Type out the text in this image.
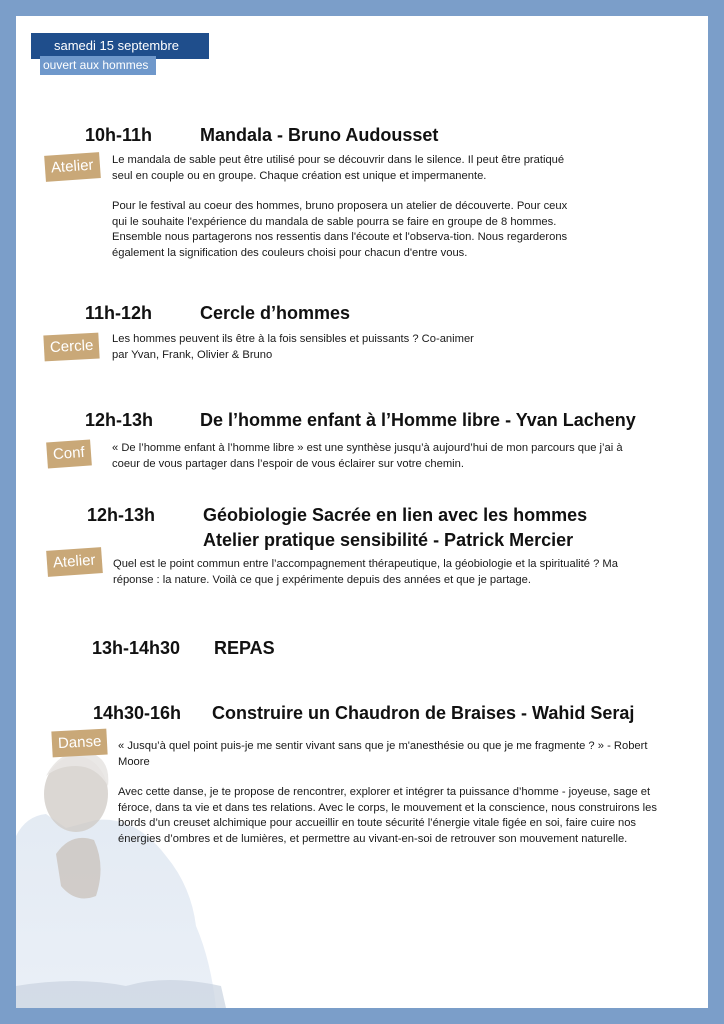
samedi 15 septembre
ouvert aux hommes
10h-11h	Mandala - Bruno Audousset
Atelier	Le mandala de sable peut être utilisé pour se découvrir dans le silence. Il peut être pratiqué seul en couple ou en groupe. Chaque création est unique et impermanente.

Pour le festival au coeur des hommes, bruno proposera un atelier de découverte. Pour ceux qui le souhaite l'expérience du mandala de sable pourra se faire en groupe de 8 hommes. Ensemble nous partagerons nos ressentis dans l'écoute et l'observa-tion. Nous regarderons également la signification des couleurs choisi pour chacun d'entre vous.

11h-12h	Cercle d’hommes
Cercle	Les hommes peuvent ils être à la fois sensibles et puissants ? Co-animer par Yvan, Frank, Olivier & Bruno

12h-13h	De l’homme enfant à l’Homme libre - Yvan Lacheny
Conf	« De l’homme enfant à l’homme libre » est une synthèse jusqu’à aujourd’hui de mon parcours que j’ai à coeur de vous partager dans l’espoir de vous éclairer sur votre chemin.

12h-13h	Géobiologie Sacrée en lien avec les hommes
Atelier pratique sensibilité - Patrick Mercier
Atelier	Quel est le point commun entre l’accompagnement thérapeutique, la géobiologie et la spiritualité ? Ma réponse : la nature. Voilà ce que j expérimente depuis des années et que je partage.

13h-14h30 REPAS
14h30-16h Construire un Chaudron de Braises - Wahid Seraj
Danse	« Jusqu’à quel point puis-je me sentir vivant sans que je m'anesthésie ou que je me fragmente ? » - Robert Moore

Avec cette danse, je te propose de rencontrer, explorer et intégrer ta puissance d’homme - joyeuse, sage et féroce, dans ta vie et dans tes relations. Avec le corps, le mouvement et la conscience, nous construirons les bords d’un creuset alchimique pour accueillir en toute sécurité l’énergie vitale figée en soi, faire cuire nos énergies d’ombres et de lumières, et permettre au vivant-en-soi de retrouver son mouvement naturelle.
